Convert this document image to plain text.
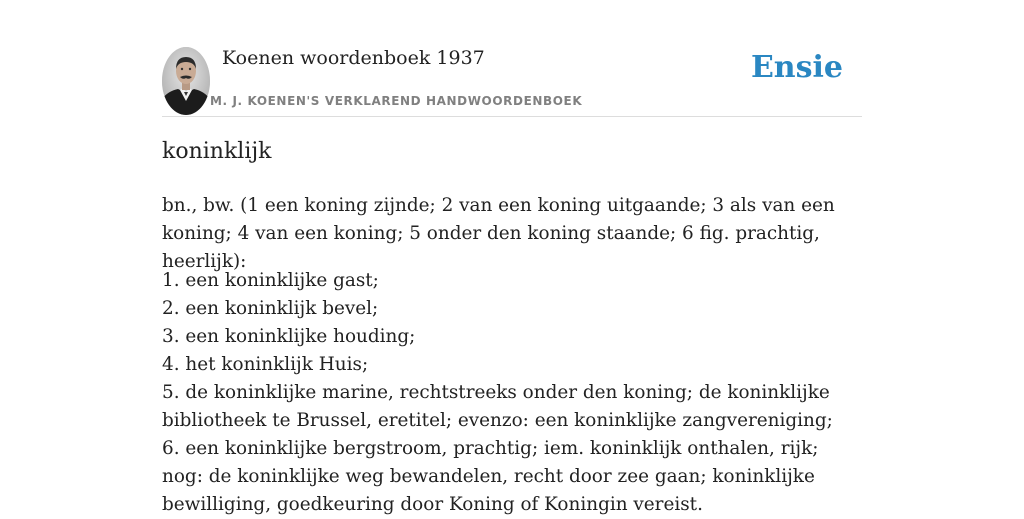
Koenen woordenboek 1937
M. J. KOENEN'S VERKLAREND HANDWOORDENBOEK
Ensie
koninklijk

bn., bw. (1 een koning zijnde; 2 van een koning uitgaande; 3 als van een koning; 4 van een koning; 5 onder den koning staande; 6 fig. prachtig, heerlijk):

1. een koninklijke gast;
2. een koninklijk bevel;
3. een koninklijke houding;
4. het koninklijk Huis;
5. de koninklijke marine, rechtstreeks onder den koning; de koninklijke bibliotheek te Brussel, eretitel; evenzo: een koninklijke zangvereniging;
6. een koninklijke bergstroom, prachtig; iem. koninklijk onthalen, rijk; nog: de koninklijke weg bewandelen, recht door zee gaan; koninklijke bewilliging, goedkeuring door Koning of Koningin vereist.
